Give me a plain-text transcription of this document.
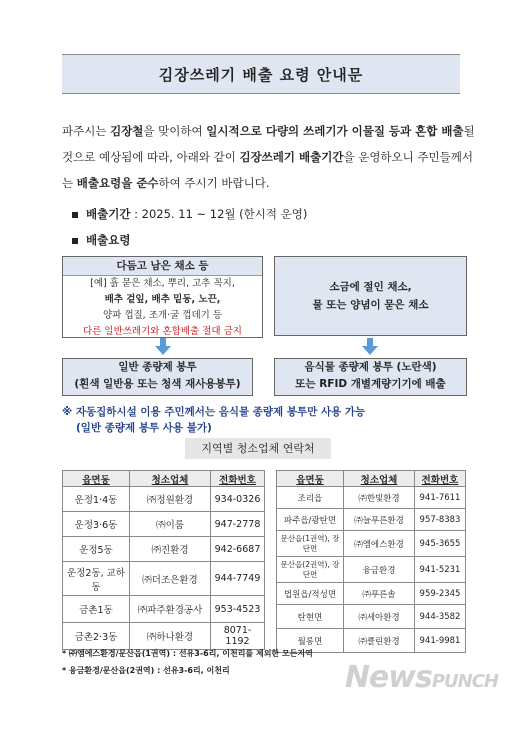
김장쓰레기 배출 요령 안내문
파주시는 김장철을 맞이하여 일시적으로 다량의 쓰레기가 이물질 등과 혼합 배출될 것으로 예상됨에 따라, 아래와 같이 김장쓰레기 배출기간을 운영하오니 주민들께서는 배출요령을 준수하여 주시기 바랍니다.
배출기간 : 2025. 11 ~ 12월 (한시적 운영)
배출요령
다듬고 남은 채소 등
[예] 흙 묻은 채소, 뿌리, 고추 꼭지,
배추 겉잎, 배추 밑동, 노끈,
양파 껍질, 조개·굴 껍데기 등
다른 일반쓰레기와 혼합배출 절대 금지
소금에 절인 채소,
물 또는 양념이 묻은 채소
일반 종량제 봉투
(흰색 일반용 또는 청색 재사용봉투)
음식물 종량제 봉투 (노란색)
또는 RFID 개별계량기기에 배출
※ 자동집하시설 이용 주민께서는 음식물 종량제 봉투만 사용 가능
(일반 종량제 봉투 사용 불가)
지역별 청소업체 연락처
읍면동	청소업체	전화번호
운정1·4동	㈜정원환경	934-0326
운정3·6동	㈜이룸	947-2778
운정5동	㈜진환경	942-6687
운정2동, 교하동	㈜더조은환경	944-7749
금촌1동	㈜파주환경공사	953-4523
금촌2·3동	㈜하나환경	8071-1192
읍면동	청소업체	전화번호
조리읍	㈜한빛환경	941-7611
파주읍/광탄면	㈜늘푸른환경	957-8383
문산읍(1권역), 장단면	㈜엠에스환경	945-3655
문산읍(2권역), 장단면	융금환경	941-5231
법원읍/적성면	㈜푸른솔	959-2345
탄현면	㈜세아환경	944-3582
월롱면	㈜클린환경	941-9981
* ㈜엠에스환경/문산읍(1권역) : 선유3-6리, 이천리를 제외한 모든지역
* 융금환경/문산읍(2권역) : 선유3-6리, 이천리	NewsPUNCH
